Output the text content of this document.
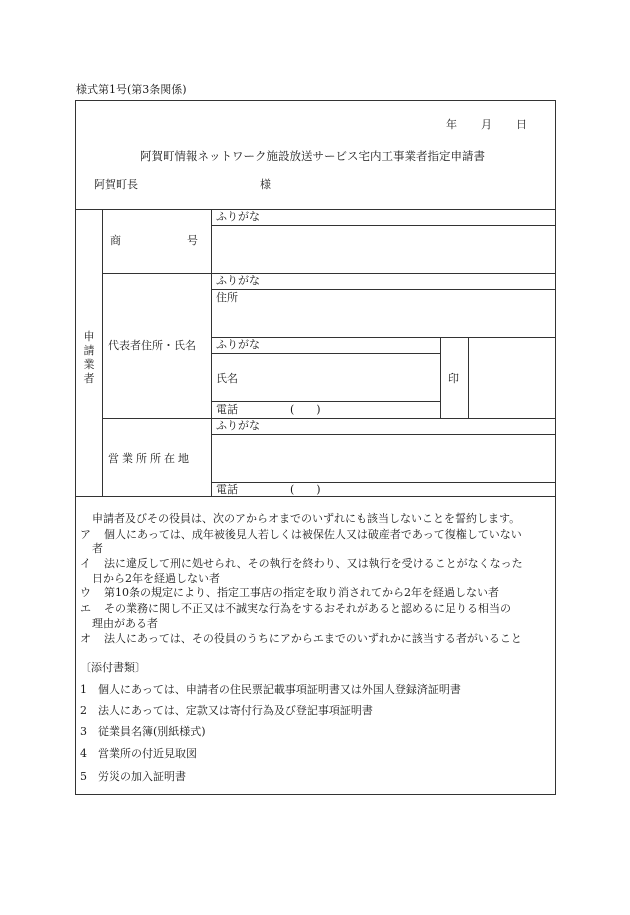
様式第1号(第3条関係)
年 月 日
阿賀町情報ネットワーク施設放送サービス宅内工事業者指定申請書
阿賀町長	様
申請業者
商	号
ふりがな
代表者住所・氏名
ふりがな
住所
ふりがな
氏名	印
電話	(　　)
営業所所在地
ふりがな
電話	(　　)
申請者及びその役員は、次のアからオまでのいずれにも該当しないことを誓約します。
ア 個人にあっては、成年被後見人若しくは被保佐人又は破産者であって復権していない
者
イ 法に違反して刑に処せられ、その執行を終わり、又は執行を受けることがなくなった
日から2年を経過しない者
ウ 第10条の規定により、指定工事店の指定を取り消されてから2年を経過しない者
エ その業務に関し不正又は不誠実な行為をするおそれがあると認めるに足りる相当の
理由がある者
オ 法人にあっては、その役員のうちにアからエまでのいずれかに該当する者がいること
〔添付書類〕
1 個人にあっては、申請者の住民票記載事項証明書又は外国人登録済証明書
2 法人にあっては、定款又は寄付行為及び登記事項証明書
3 従業員名簿(別紙様式)
4 営業所の付近見取図
5 労災の加入証明書
